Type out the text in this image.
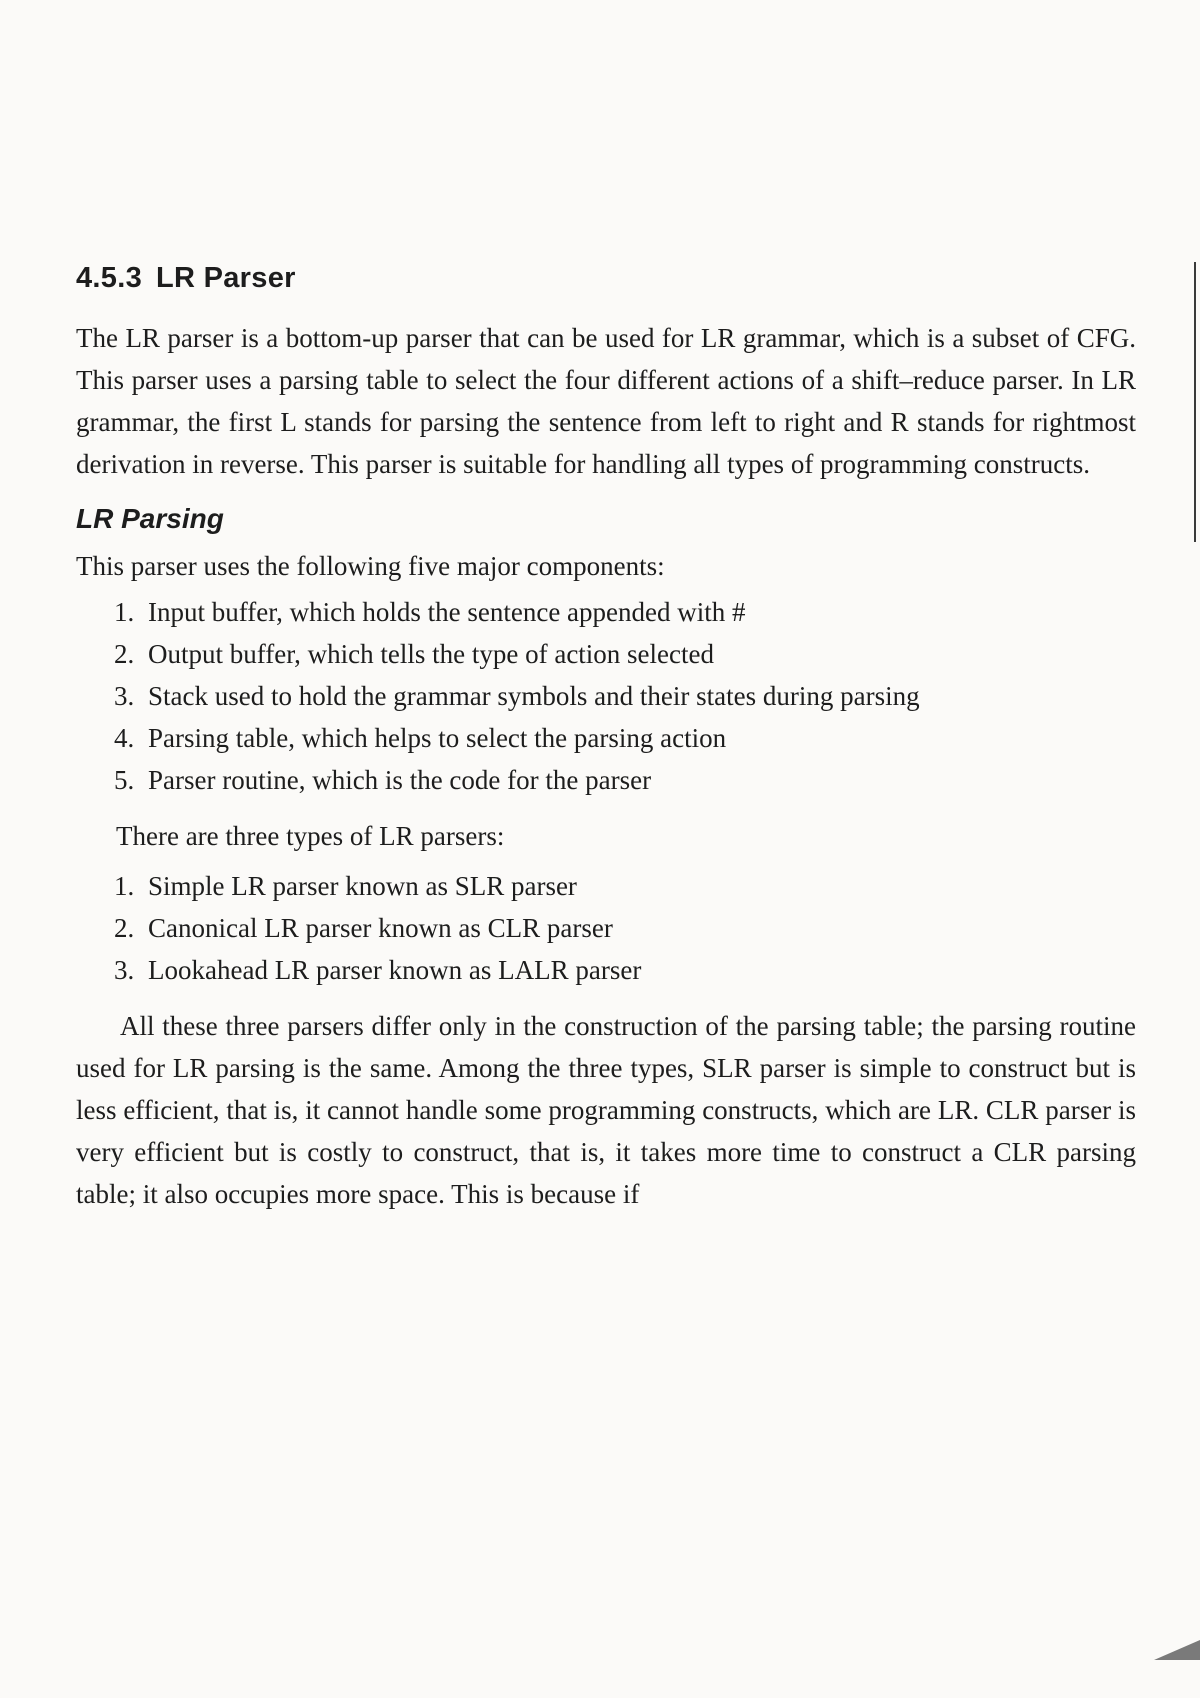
4.5.3 LR Parser

The LR parser is a bottom-up parser that can be used for LR grammar, which is a subset of CFG. This parser uses a parsing table to select the four different actions of a shift–reduce parser. In LR grammar, the first L stands for parsing the sentence from left to right and R stands for rightmost derivation in reverse. This parser is suitable for handling all types of programming constructs.

LR Parsing

This parser uses the following five major components:

1. Input buffer, which holds the sentence appended with #
2. Output buffer, which tells the type of action selected
3. Stack used to hold the grammar symbols and their states during parsing
4. Parsing table, which helps to select the parsing action
5. Parser routine, which is the code for the parser

There are three types of LR parsers:

1. Simple LR parser known as SLR parser
2. Canonical LR parser known as CLR parser
3. Lookahead LR parser known as LALR parser

All these three parsers differ only in the construction of the parsing table; the parsing routine used for LR parsing is the same. Among the three types, SLR parser is simple to construct but is less efficient, that is, it cannot handle some programming constructs, which are LR. CLR parser is very efficient but is costly to construct, that is, it takes more time to construct a CLR parsing table; it also occupies more space. This is because if
